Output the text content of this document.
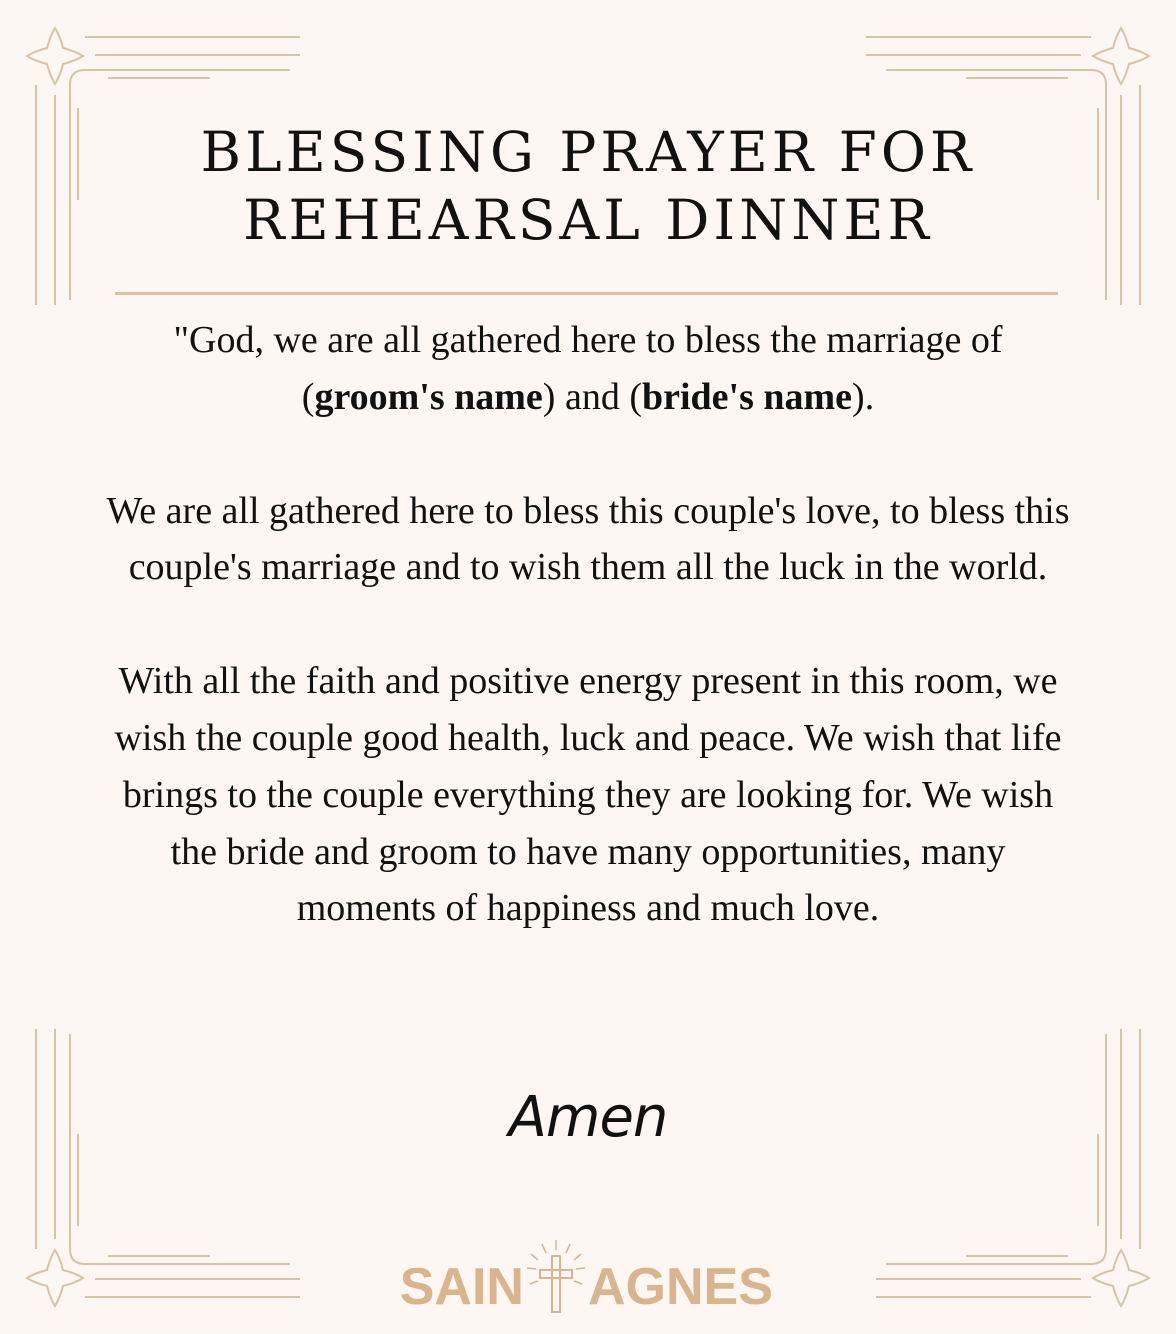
BLESSING PRAYER FOR
REHEARSAL DINNER

"God, we are all gathered here to bless the marriage of
(groom's name) and (bride's name).

We are all gathered here to bless this couple's love, to bless this couple's marriage and to wish them all the luck in the world.

With all the faith and positive energy present in this room, we wish the couple good health, luck and peace. We wish that life brings to the couple everything they are looking for. We wish the bride and groom to have many opportunities, many moments of happiness and much love.

Amen
SAIN AGNES
